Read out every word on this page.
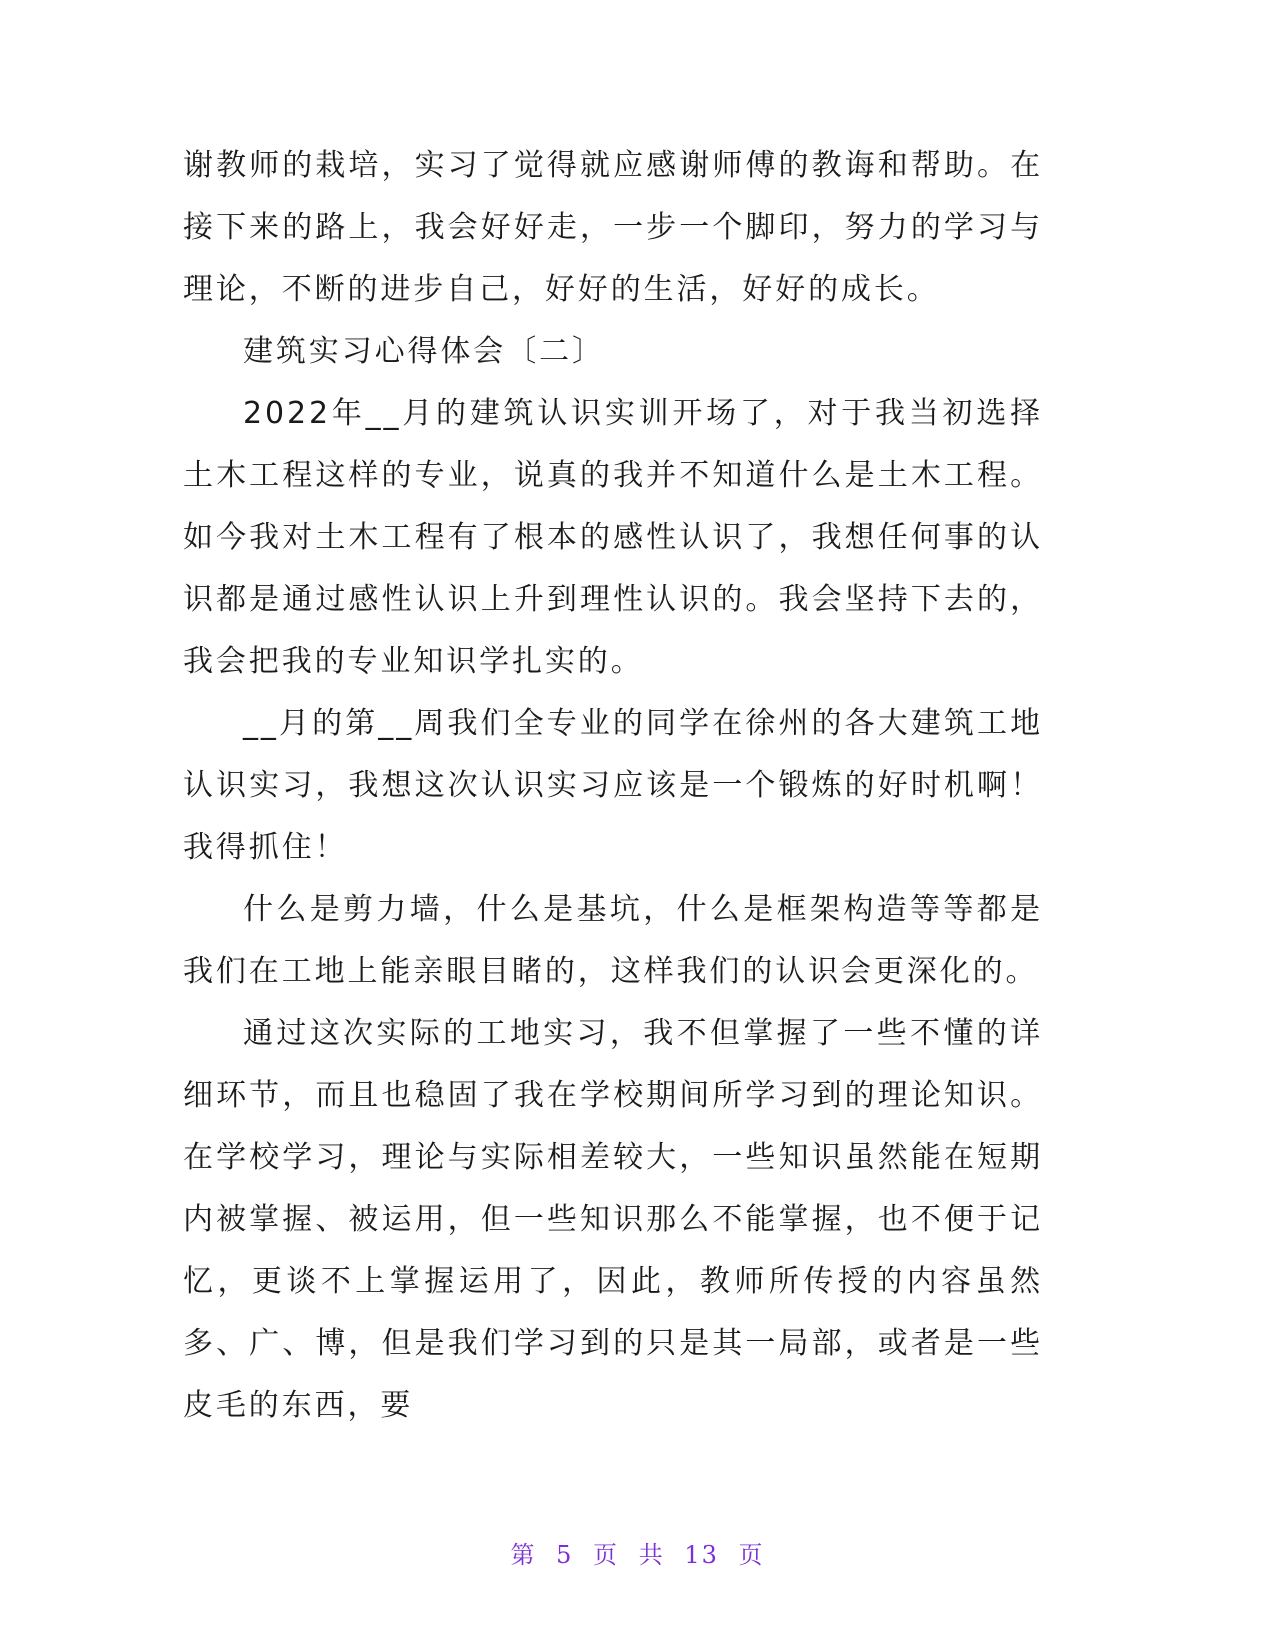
谢教师的栽培，实习了觉得就应感谢师傅的教诲和帮助。在接下来的路上，我会好好走，一步一个脚印，努力的学习与理论，不断的进步自己，好好的生活，好好的成长。

建筑实习心得体会〔二〕

2022年__月的建筑认识实训开场了，对于我当初选择土木工程这样的专业，说真的我并不知道什么是土木工程。如今我对土木工程有了根本的感性认识了，我想任何事的认识都是通过感性认识上升到理性认识的。我会坚持下去的，我会把我的专业知识学扎实的。

__月的第__周我们全专业的同学在徐州的各大建筑工地认识实习，我想这次认识实习应该是一个锻炼的好时机啊！我得抓住！

什么是剪力墙，什么是基坑，什么是框架构造等等都是我们在工地上能亲眼目睹的，这样我们的认识会更深化的。

通过这次实际的工地实习，我不但掌握了一些不懂的详细环节，而且也稳固了我在学校期间所学习到的理论知识。在学校学习，理论与实际相差较大，一些知识虽然能在短期内被掌握、被运用，但一些知识那么不能掌握，也不便于记忆，更谈不上掌握运用了，因此，教师所传授的内容虽然多、广、博，但是我们学习到的只是其一局部，或者是一些皮毛的东西，要

第 5 页 共 13 页
